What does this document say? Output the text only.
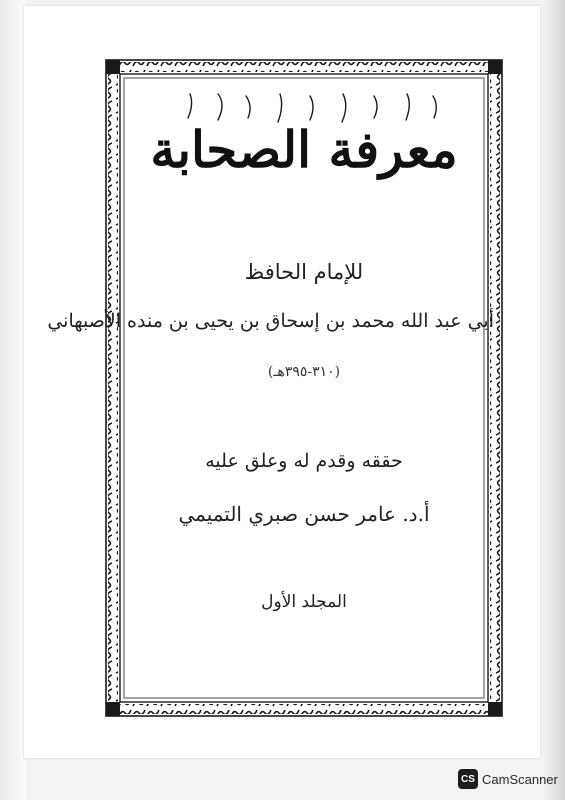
معرفة الصحابة
للإمام الحافظ
أبي عبد الله محمد بن إسحاق بن يحيى بن منده الأصبهاني
(٣١٠-٣٩٥هـ)
حققه وقدم له وعلق عليه
أ.د. عامر حسن صبري التميمي
المجلد الأول
CS CamScanner
